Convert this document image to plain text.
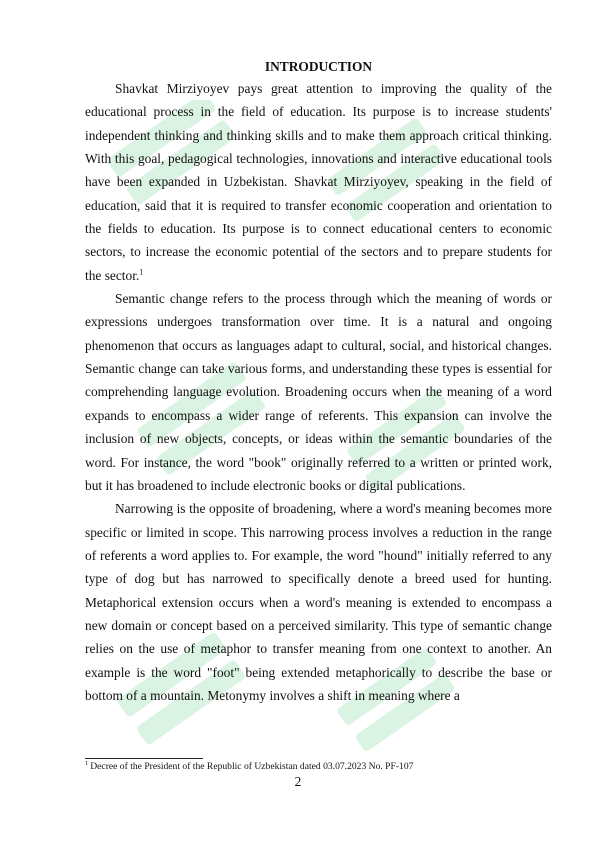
INTRODUCTION

Shavkat Mirziyoyev pays great attention to improving the quality of the educational process in the field of education. Its purpose is to increase students' independent thinking and thinking skills and to make them approach critical thinking. With this goal, pedagogical technologies, innovations and interactive educational tools have been expanded in Uzbekistan. Shavkat Mirziyoyev, speaking in the field of education, said that it is required to transfer economic cooperation and orientation to the fields to education. Its purpose is to connect educational centers to economic sectors, to increase the economic potential of the sectors and to prepare students for the sector.$^1$

Semantic change refers to the process through which the meaning of words or expressions undergoes transformation over time. It is a natural and ongoing phenomenon that occurs as languages adapt to cultural, social, and historical changes. Semantic change can take various forms, and understanding these types is essential for comprehending language evolution. Broadening occurs when the meaning of a word expands to encompass a wider range of referents. This expansion can involve the inclusion of new objects, concepts, or ideas within the semantic boundaries of the word. For instance, the word "book" originally referred to a written or printed work, but it has broadened to include electronic books or digital publications.

Narrowing is the opposite of broadening, where a word's meaning becomes more specific or limited in scope. This narrowing process involves a reduction in the range of referents a word applies to. For example, the word "hound" initially referred to any type of dog but has narrowed to specifically denote a breed used for hunting. Metaphorical extension occurs when a word's meaning is extended to encompass a new domain or concept based on a perceived similarity. This type of semantic change relies on the use of metaphor to transfer meaning from one context to another. An example is the word "foot" being extended metaphorically to describe the base or bottom of a mountain. Metonymy involves a shift in meaning where a

$^1$ Decree of the President of the Republic of Uzbekistan dated 03.07.2023 No. PF-107
2
